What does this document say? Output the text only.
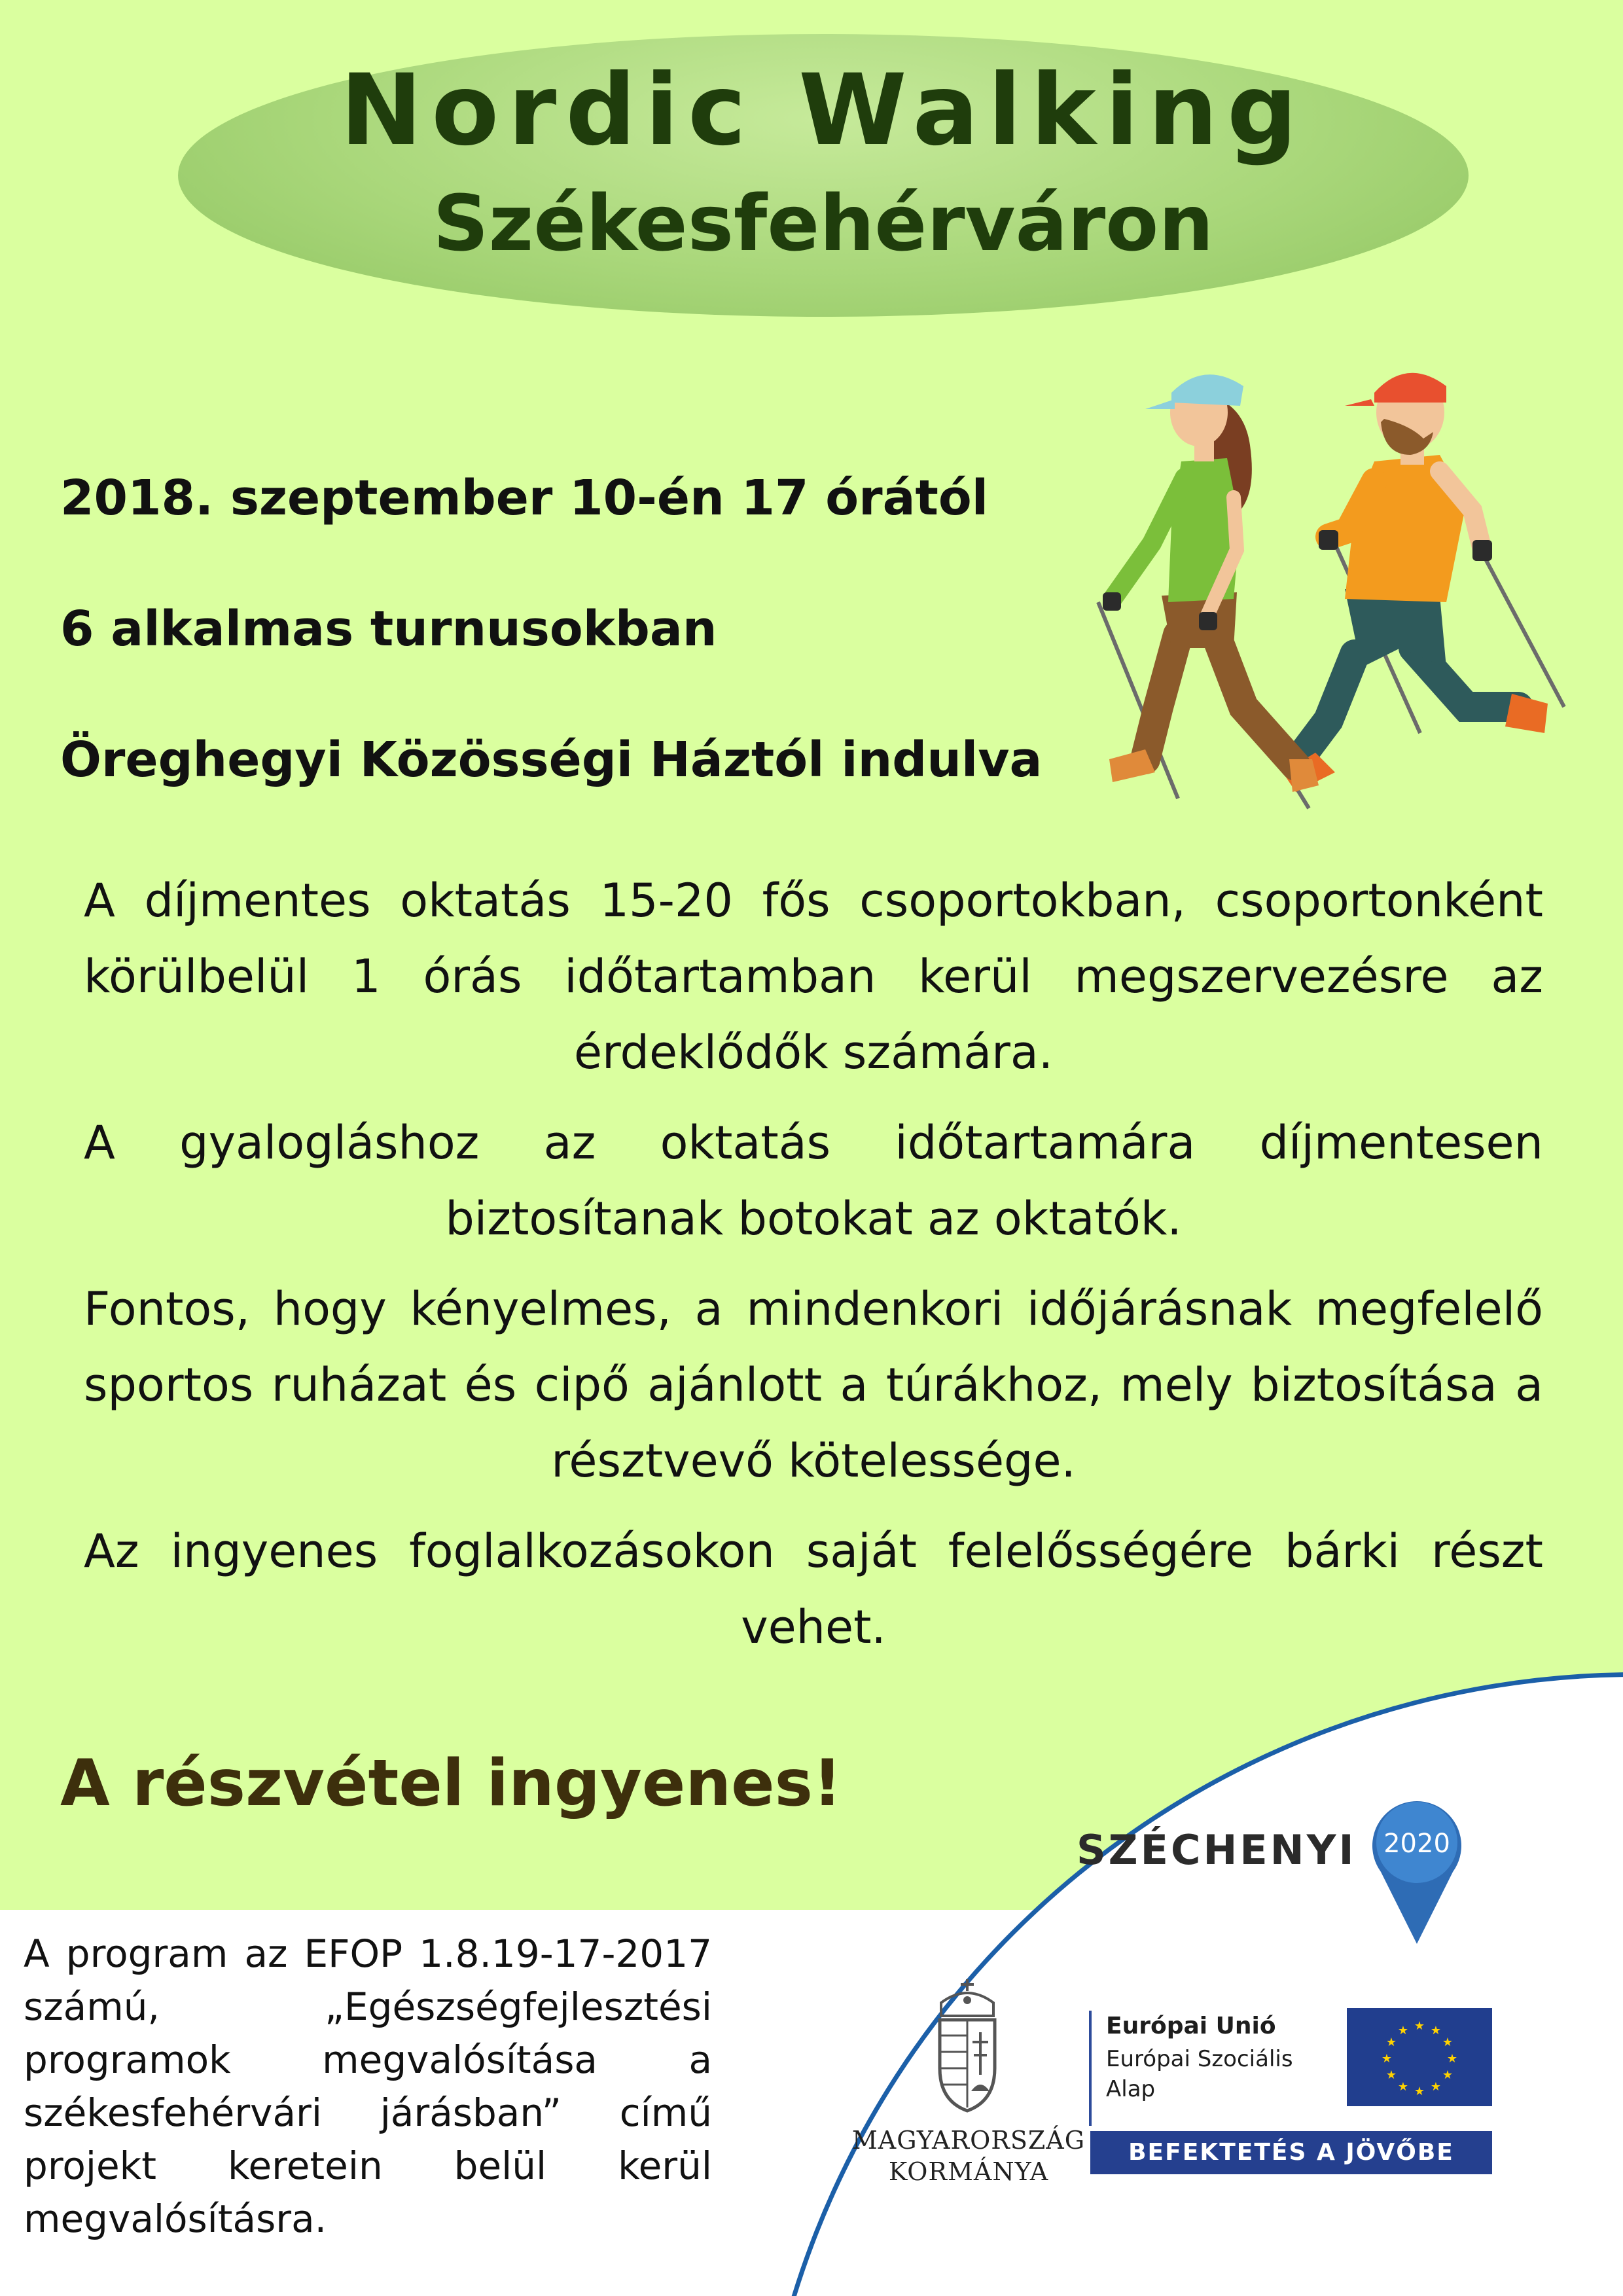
Nordic Walking
Székesfehérváron
2018. szeptember 10-én 17 órától
6 alkalmas turnusokban
Öreghegyi Közösségi Háztól indulva

A díjmentes oktatás 15-20 fős csoportokban, csoportonként körülbelül 1 órás időtartamban kerül megszervezésre az érdeklődők számára.

A gyalogláshoz az oktatás időtartamára díjmentesen biztosítanak botokat az oktatók.

Fontos, hogy kényelmes, a mindenkori időjárásnak megfelelő sportos ruházat és cipő ajánlott a túrákhoz, mely biztosítása a résztvevő kötelessége.

Az ingyenes foglalkozásokon saját felelősségére bárki részt vehet.

A részvétel ingyenes!

A program az EFOP 1.8.19-17-2017 számú, „Egészségfejlesztési programok megvalósítása a székesfehérvári járásban” című projekt keretein belül kerül megvalósításra.

SZÉCHENYI 2020
MAGYARORSZÁG
KORMÁNYA
Európai Unió
Európai Szociális
Alap
★ ★
★
★
★
★
★
★
★
★
★
★
BEFEKTETÉS A JÖVŐBE
